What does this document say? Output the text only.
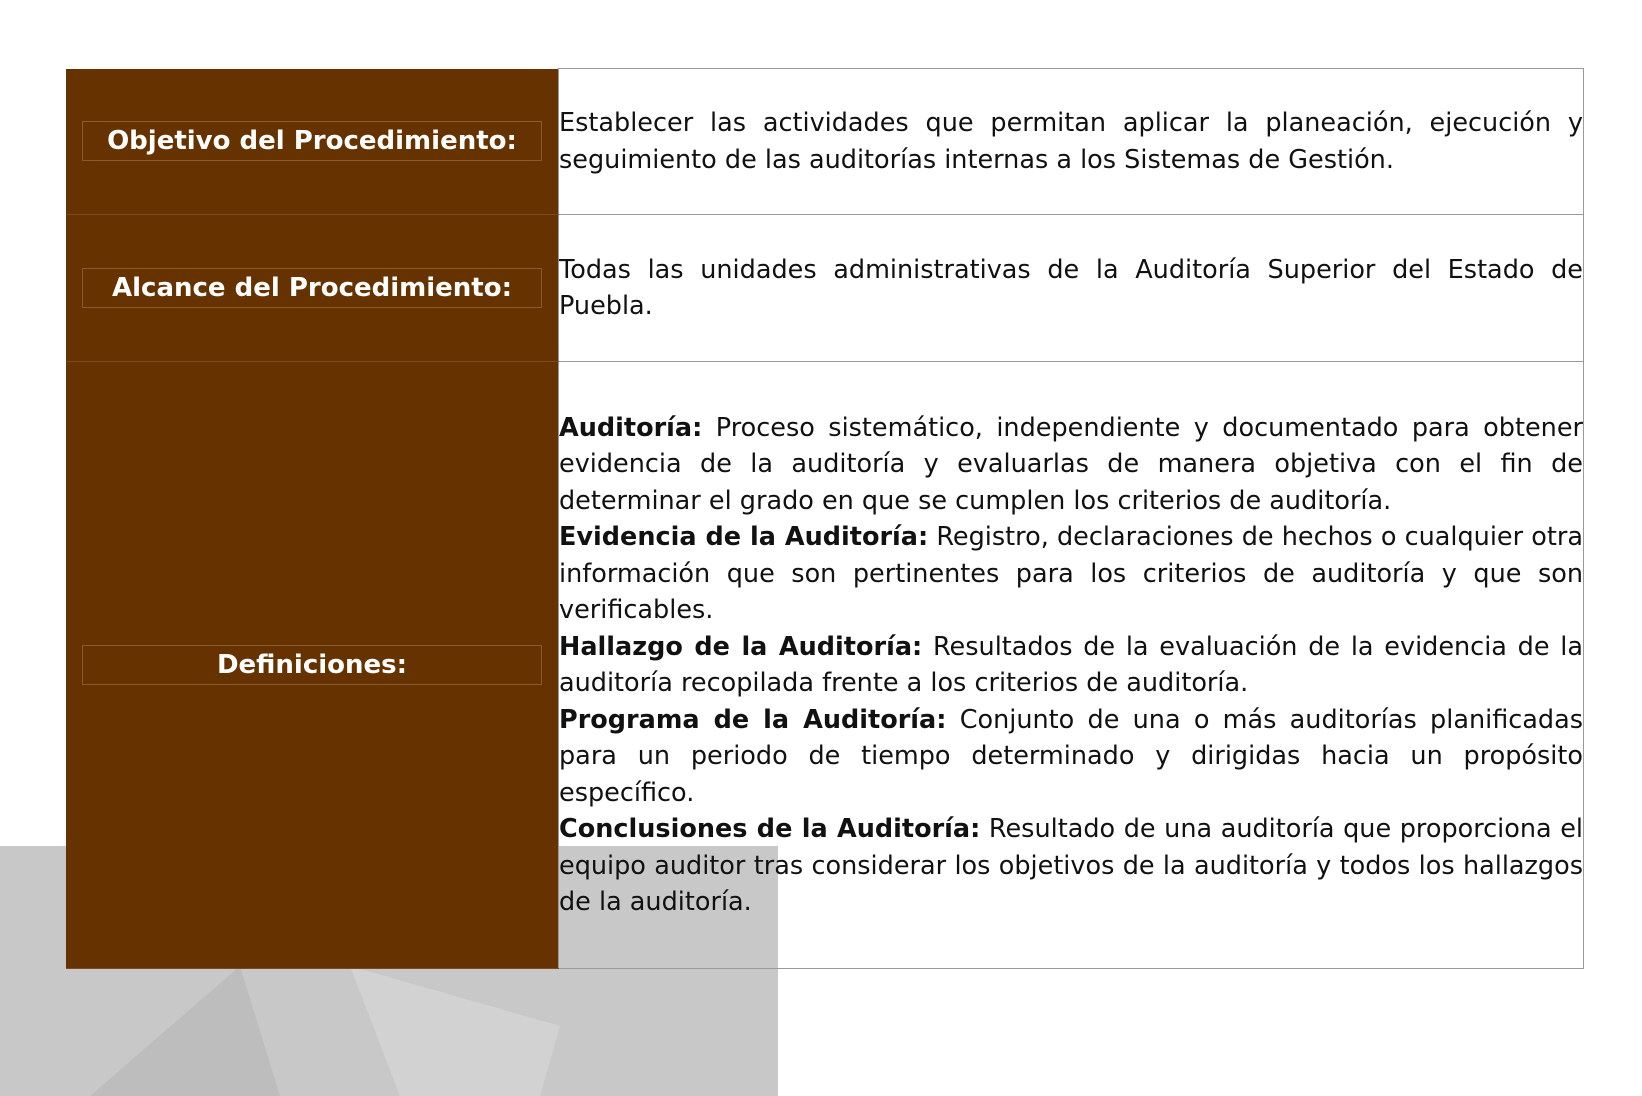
Objetivo del Procedimiento:	Establecer las actividades que permitan aplicar la planeación, ejecución y seguimiento de las auditorías internas a los Sistemas de Gestión.

Alcance del Procedimiento:	Todas las unidades administrativas de la Auditoría Superior del Estado de Puebla.

Definiciones:	Auditoría: Proceso sistemático, independiente y documentado para obtener evidencia de la auditoría y evaluarlas de manera objetiva con el fin de determinar el grado en que se cumplen los criterios de auditoría.

Evidencia de la Auditoría: Registro, declaraciones de hechos o cualquier otra información que son pertinentes para los criterios de auditoría y que son verificables.

Hallazgo de la Auditoría: Resultados de la evaluación de la evidencia de la auditoría recopilada frente a los criterios de auditoría.

Programa de la Auditoría: Conjunto de una o más auditorías planificadas para un periodo de tiempo determinado y dirigidas hacia un propósito específico.

Conclusiones de la Auditoría: Resultado de una auditoría que proporciona el equipo auditor tras considerar los objetivos de la auditoría y todos los hallazgos de la auditoría.
